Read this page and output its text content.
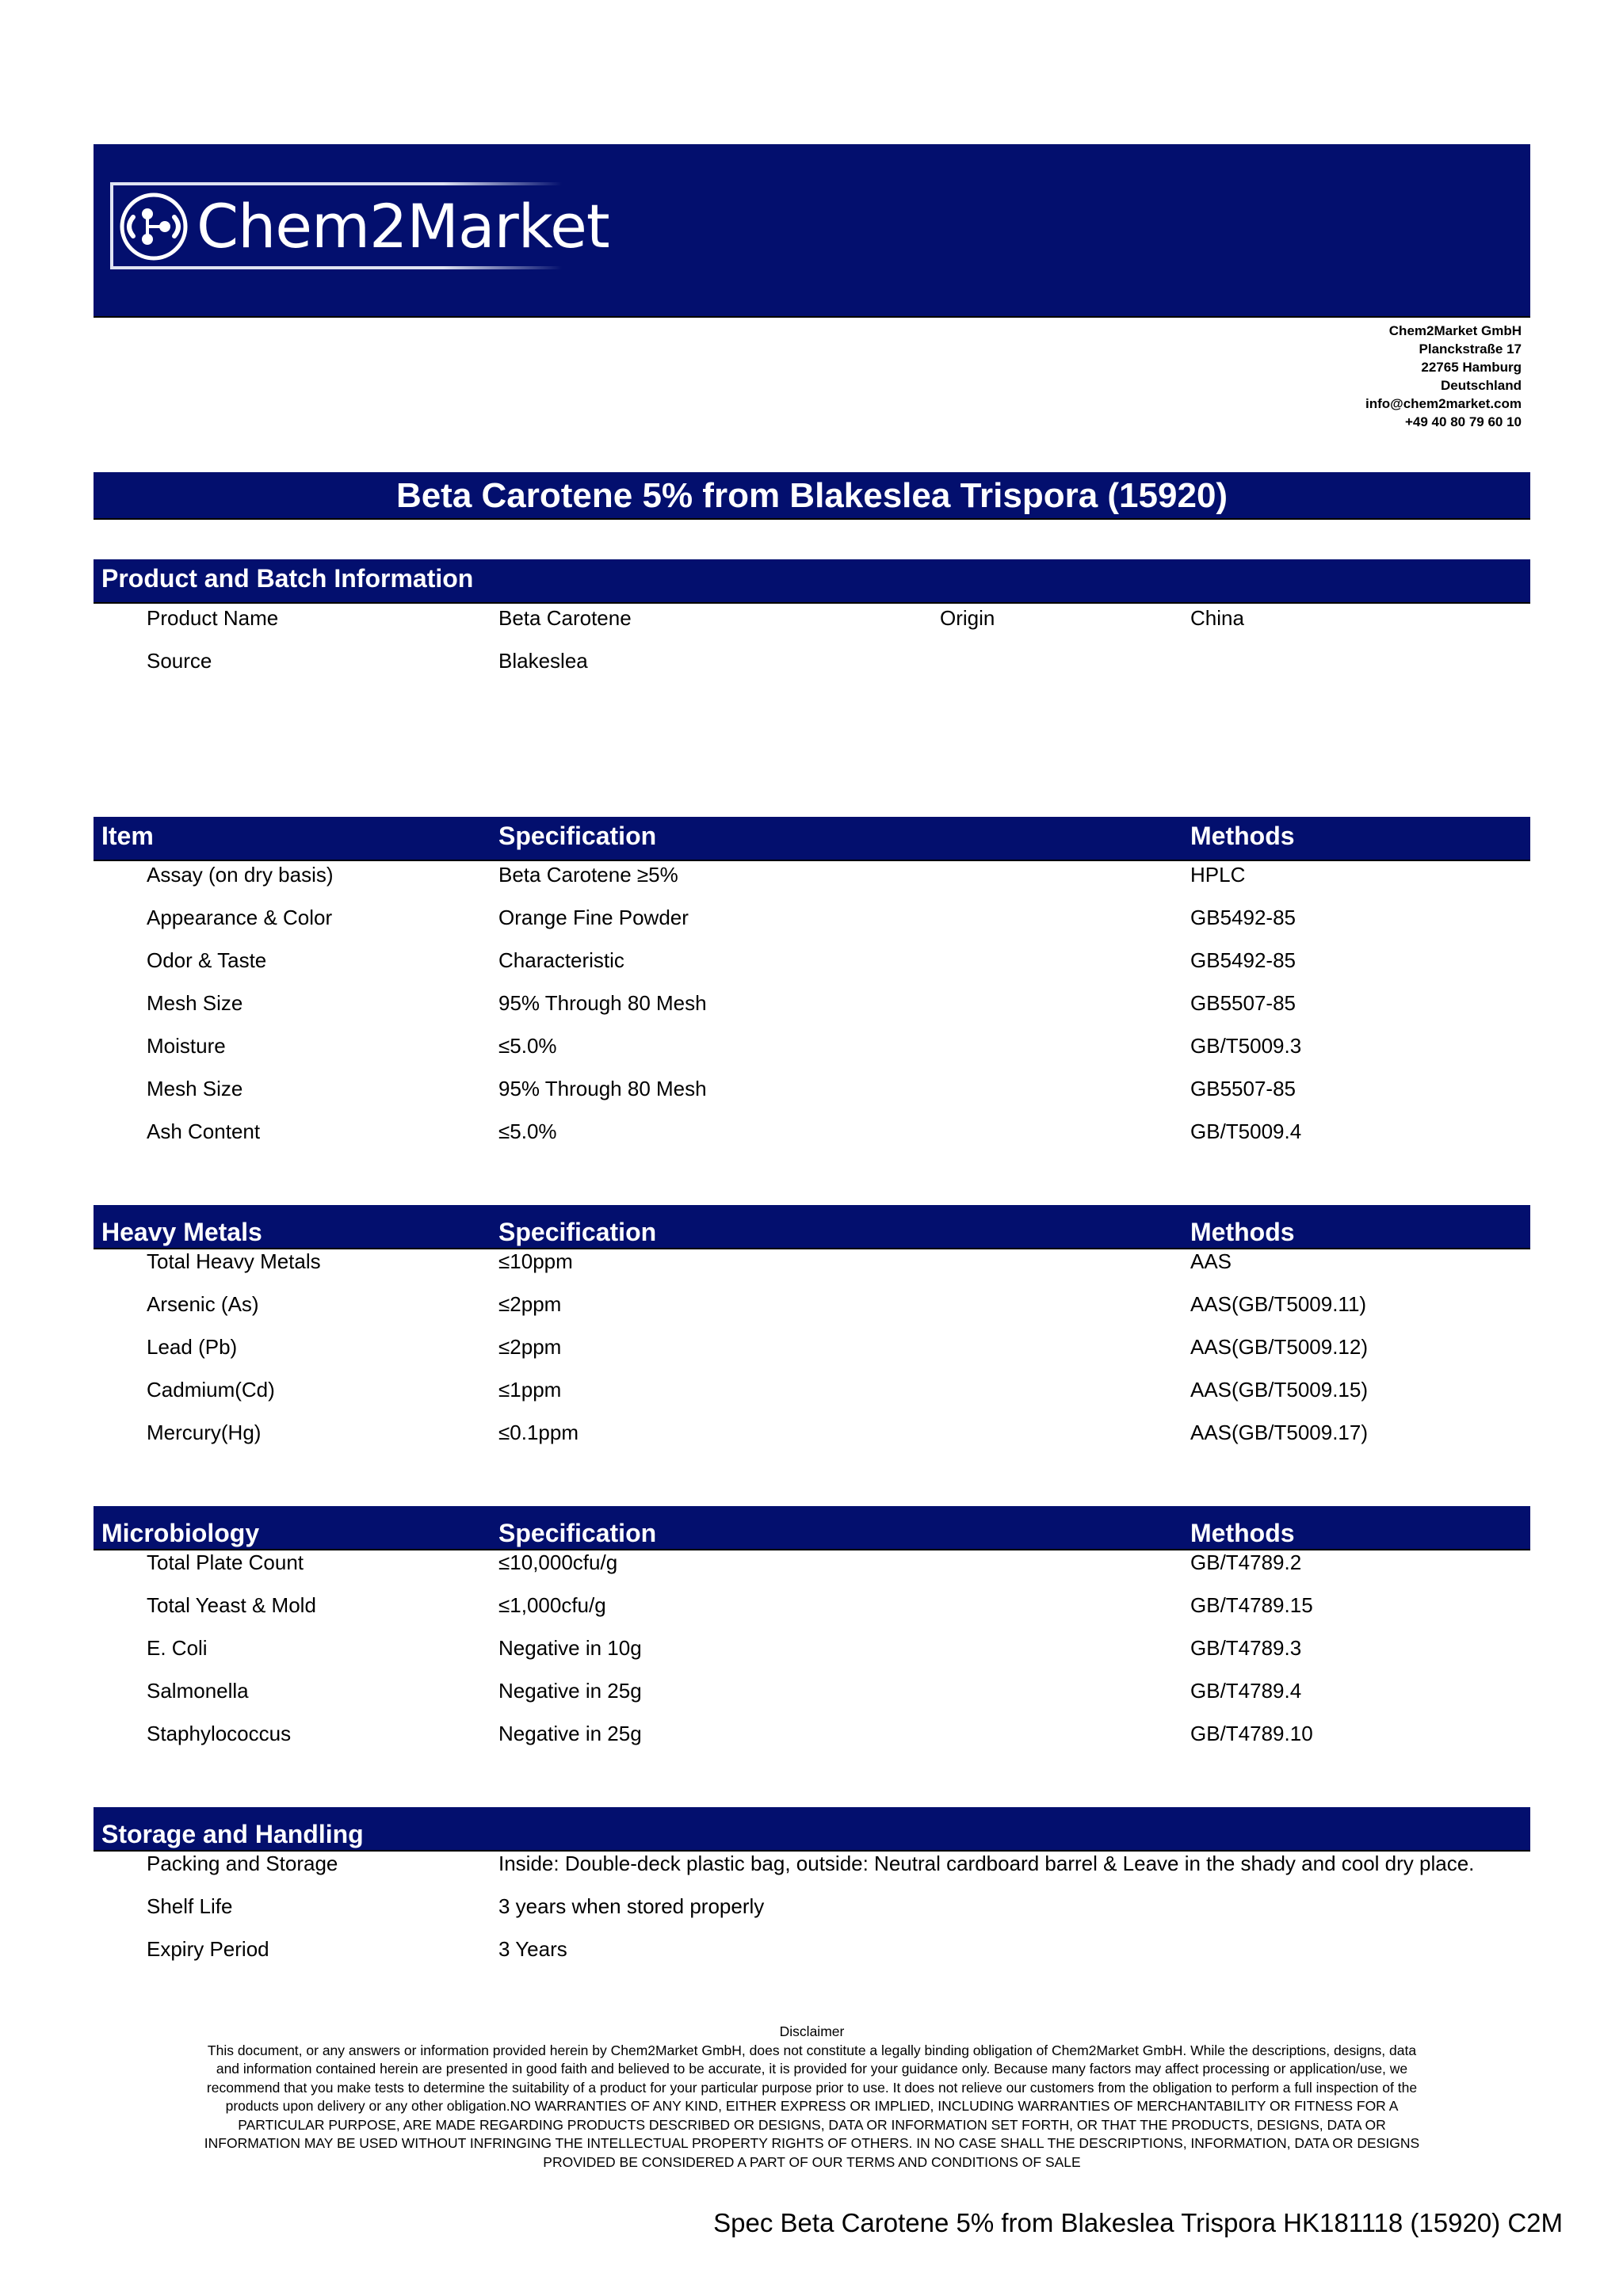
Chem2Market
Chem2Market GmbH
Planckstraße 17
22765 Hamburg
Deutschland
info@chem2market.com
+49 40 80 79 60 10
Beta Carotene 5% from Blakeslea Trispora (15920)
Product and Batch Information
Product Name	Beta Carotene	Origin	China
Source	Blakeslea
Item	Specification	Methods
Assay (on dry basis)	Beta Carotene ≥5%	HPLC
Appearance & Color	Orange Fine Powder	GB5492-85
Odor & Taste	Characteristic	GB5492-85
Mesh Size	95% Through 80 Mesh	GB5507-85
Moisture	≤5.0%	GB/T5009.3
Mesh Size	95% Through 80 Mesh	GB5507-85
Ash Content	≤5.0%	GB/T5009.4
Heavy Metals	Specification	Methods
Total Heavy Metals	≤10ppm	AAS
Arsenic (As)	≤2ppm	AAS(GB/T5009.11)
Lead (Pb)	≤2ppm	AAS(GB/T5009.12)
Cadmium(Cd)	≤1ppm	AAS(GB/T5009.15)
Mercury(Hg)	≤0.1ppm	AAS(GB/T5009.17)
Microbiology	Specification	Methods
Total Plate Count	≤10,000cfu/g	GB/T4789.2
Total Yeast & Mold	≤1,000cfu/g	GB/T4789.15
E. Coli	Negative in 10g	GB/T4789.3
Salmonella	Negative in 25g	GB/T4789.4
Staphylococcus	Negative in 25g	GB/T4789.10
Storage and Handling
Packing and Storage	Inside: Double-deck plastic bag, outside: Neutral cardboard barrel & Leave in the shady and cool dry place.
Shelf Life	3 years when stored properly
Expiry Period	3 Years
Disclaimer
This document, or any answers or information provided herein by Chem2Market GmbH, does not constitute a legally binding obligation of Chem2Market GmbH. While the descriptions, designs, data
and information contained herein are presented in good faith and believed to be accurate, it is provided for your guidance only. Because many factors may affect processing or application/use, we
recommend that you make tests to determine the suitability of a product for your particular purpose prior to use. It does not relieve our customers from the obligation to perform a full inspection of the
products upon delivery or any other obligation.NO WARRANTIES OF ANY KIND, EITHER EXPRESS OR IMPLIED, INCLUDING WARRANTIES OF MERCHANTABILITY OR FITNESS FOR A
PARTICULAR PURPOSE, ARE MADE REGARDING PRODUCTS DESCRIBED OR DESIGNS, DATA OR INFORMATION SET FORTH, OR THAT THE PRODUCTS, DESIGNS, DATA OR
INFORMATION MAY BE USED WITHOUT INFRINGING THE INTELLECTUAL PROPERTY RIGHTS OF OTHERS. IN NO CASE SHALL THE DESCRIPTIONS, INFORMATION, DATA OR DESIGNS
PROVIDED BE CONSIDERED A PART OF OUR TERMS AND CONDITIONS OF SALE
Spec Beta Carotene 5% from Blakeslea Trispora HK181118 (15920) C2M
